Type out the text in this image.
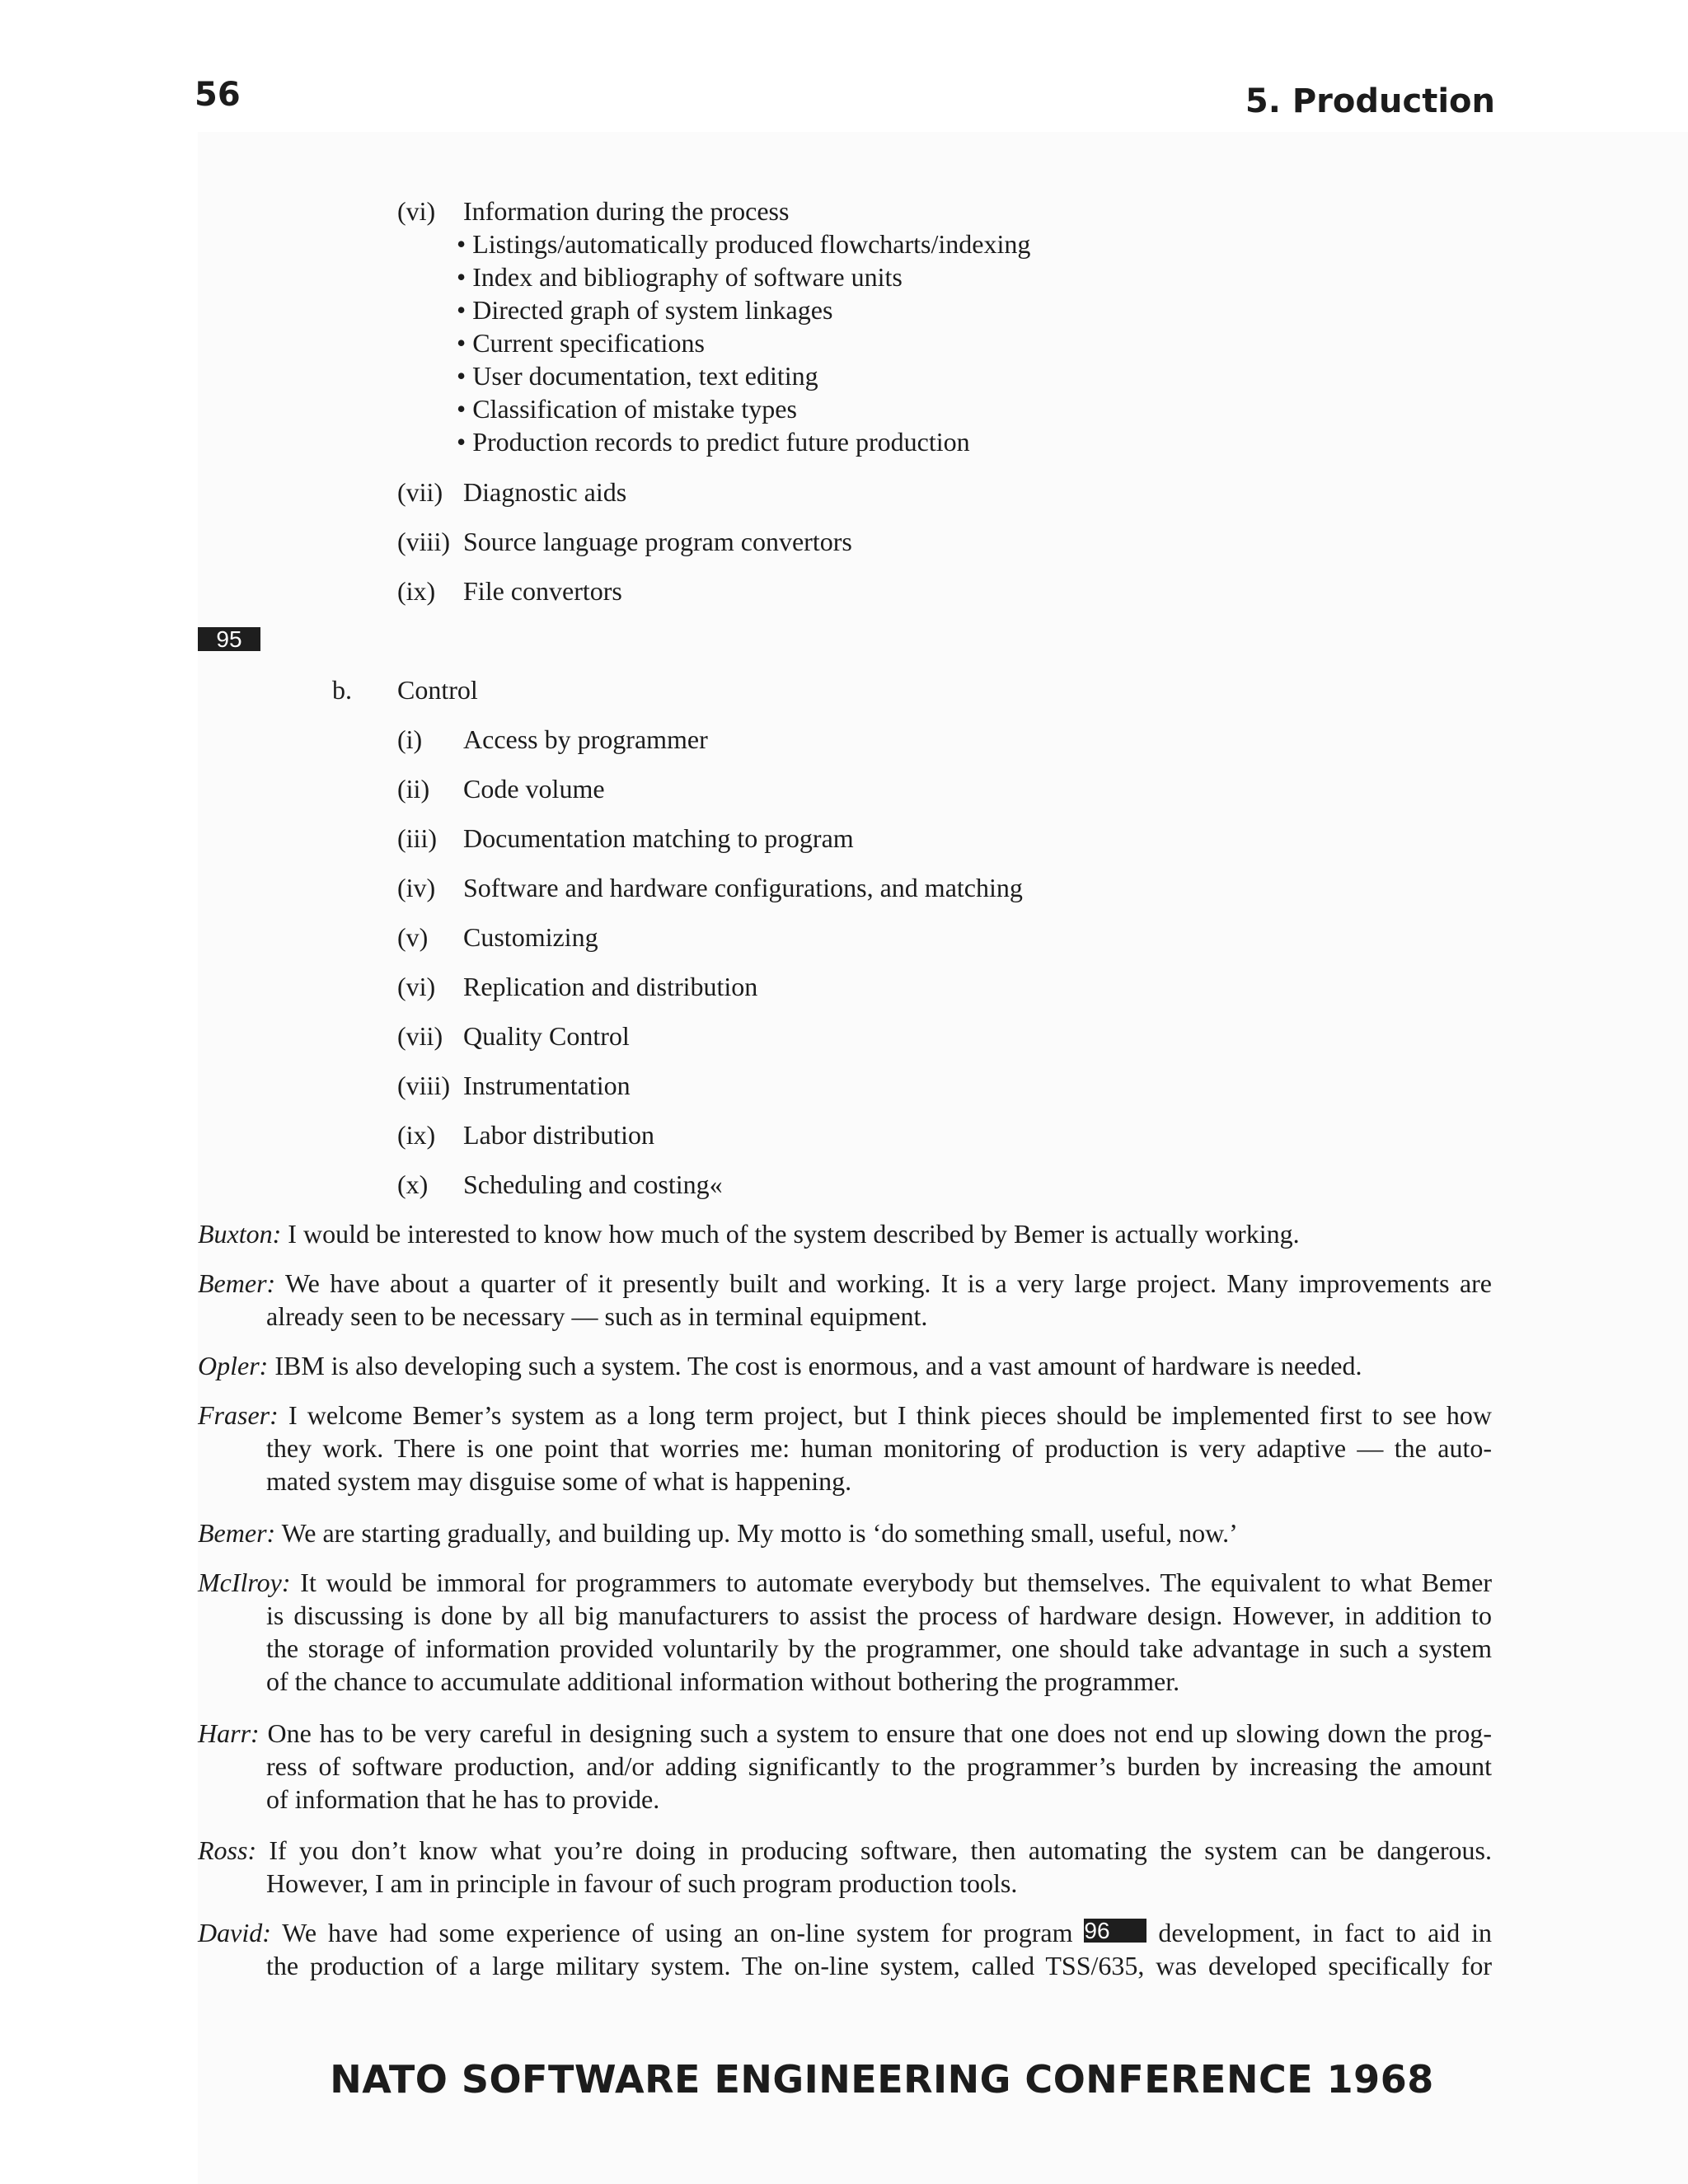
56	5. Production
(vi) Information during the process
• Listings/automatically produced flowcharts/indexing
• Index and bibliography of software units
• Directed graph of system linkages
• Current specifications
• User documentation, text editing
• Classification of mistake types
• Production records to predict future production
(vii) Diagnostic aids
(viii) Source language program convertors
(ix) File convertors
95
b. Control
(i) Access by programmer
(ii) Code volume
(iii) Documentation matching to program
(iv) Software and hardware configurations, and matching
(v) Customizing
(vi) Replication and distribution
(vii) Quality Control
(viii) Instrumentation
(ix) Labor distribution
(x) Scheduling and costing«
Buxton: I would be interested to know how much of the system described by Bemer is actually working.
Bemer: We have about a quarter of it presently built and working. It is a very large project. Many improvements are
already seen to be necessary — such as in terminal equipment.
Opler: IBM is also developing such a system. The cost is enormous, and a vast amount of hardware is needed.
Fraser: I welcome Bemer’s system as a long term project, but I think pieces should be implemented first to see how
they work. There is one point that worries me: human monitoring of production is very adaptive — the auto-
mated system may disguise some of what is happening.
Bemer: We are starting gradually, and building up. My motto is ‘do something small, useful, now.’
McIlroy: It would be immoral for programmers to automate everybody but themselves. The equivalent to what Bemer
is discussing is done by all big manufacturers to assist the process of hardware design. However, in addition to
the storage of information provided voluntarily by the programmer, one should take advantage in such a system
of the chance to accumulate additional information without bothering the programmer.
Harr: One has to be very careful in designing such a system to ensure that one does not end up slowing down the prog-
ress of software production, and/or adding significantly to the programmer’s burden by increasing the amount
of information that he has to provide.
Ross: If you don’t know what you’re doing in producing software, then automating the system can be dangerous.
However, I am in principle in favour of such program production tools.
David: We have had some experience of using an on-line system for program 96 development, in fact to aid in
the production of a large military system. The on-line system, called TSS/635, was developed specifically for
NATO SOFTWARE ENGINEERING CONFERENCE 1968
